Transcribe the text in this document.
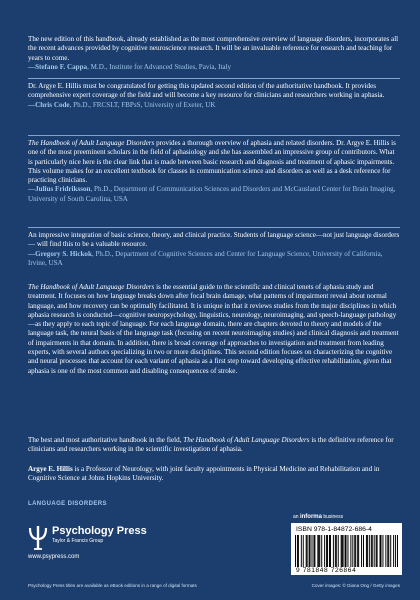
The new edition of this handbook, already established as the most comprehensive overview of language disorders, incorporates all the recent advances provided by cognitive neuroscience research. It will be an invaluable reference for research and teaching for years to come.

—Stefano F. Cappa, M.D., Institute for Advanced Studies, Pavia, Italy

Dr. Argye E. Hillis must be congratulated for getting this updated second edition of the authoritative handbook. It provides comprehensive expert coverage of the field and will become a key resource for clinicians and researchers working in aphasia.

—Chris Code, Ph.D., FRCSLT, FBPsS, University of Exeter, UK

The Handbook of Adult Language Disorders provides a thorough overview of aphasia and related disorders. Dr. Argye E. Hillis is one of the most preeminent scholars in the field of aphasiology and she has assembled an impressive group of contributors. What is particularly nice here is the clear link that is made between basic research and diagnosis and treatment of aphasic impairments. This volume makes for an excellent textbook for classes in communication science and disorders as well as a desk reference for practicing clinicians.

—Julius Fridriksson, Ph.D., Department of Communication Sciences and Disorders and McCausland Center for Brain Imaging, University of South Carolina, USA

An impressive integration of basic science, theory, and clinical practice. Students of language science—not just language disorders— will find this to be a valuable resource.

—Gregory S. Hickok, Ph.D., Department of Cognitive Sciences and Center for Language Science, University of California, Irvine, USA

The Handbook of Adult Language Disorders is the essential guide to the scientific and clinical tenets of aphasia study and treatment. It focuses on how language breaks down after focal brain damage, what patterns of impairment reveal about normal language, and how recovery can be optimally facilitated. It is unique in that it reviews studies from the major disciplines in which aphasia research is conducted—cognitive neuropsychology, linguistics, neurology, neuroimaging, and speech-language pathology—as they apply to each topic of language. For each language domain, there are chapters devoted to theory and models of the language task, the neural basis of the language task (focusing on recent neuroimaging studies) and clinical diagnosis and treatment of impairments in that domain. In addition, there is broad coverage of approaches to investigation and treatment from leading experts, with several authors specializing in two or more disciplines. This second edition focuses on characterizing the cognitive and neural processes that account for each variant of aphasia as a first step toward developing effective rehabilitation, given that aphasia is one of the most common and disabling consequences of stroke.

The best and most authoritative handbook in the field, The Handbook of Adult Language Disorders is the definitive reference for clinicians and researchers working in the scientific investigation of aphasia.

Argye E. Hillis is a Professor of Neurology, with joint faculty appointments in Physical Medicine and Rehabilitation and in Cognitive Science at Johns Hopkins University.

LANGUAGE DISORDERS
Psychology Press
Taylor & Francis Group
www.psypress.com
an informa business
ISBN 978-1-84872-686-4
9 781848 726864
Psychology Press titles are available as eBook editions in a range of digital formats	Cover images: © Diana Ong / Getty images
